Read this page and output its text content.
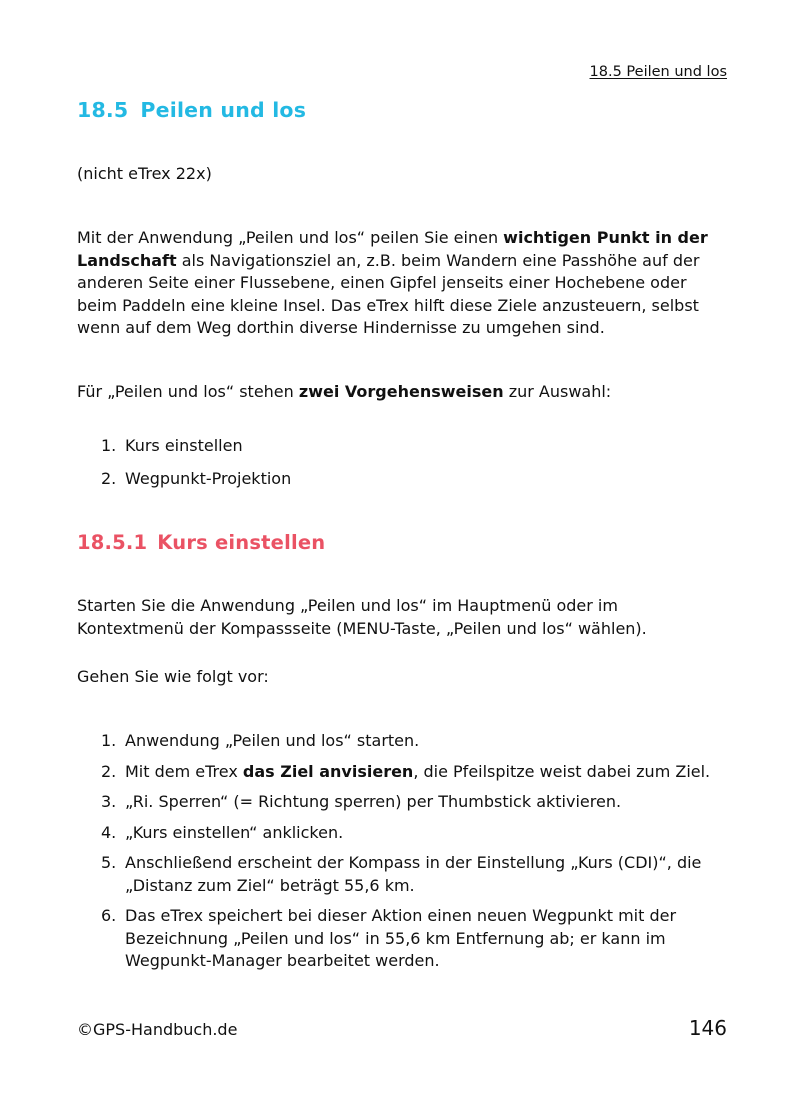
18.5 Peilen und los
18.5 Peilen und los

(nicht eTrex 22x)

Mit der Anwendung „Peilen und los“ peilen Sie einen wichtigen Punkt in der Landschaft als Navigationsziel an, z.B. beim Wandern eine Passhöhe auf der anderen Seite einer Flussebene, einen Gipfel jenseits einer Hochebene oder beim Paddeln eine kleine Insel. Das eTrex hilft diese Ziele anzusteuern, selbst wenn auf dem Weg dorthin diverse Hindernisse zu umgehen sind.

Für „Peilen und los“ stehen zwei Vorgehensweisen zur Auswahl:

1. Kurs einstellen
2. Wegpunkt-Projektion
18.5.1 Kurs einstellen

Starten Sie die Anwendung „Peilen und los“ im Hauptmenü oder im Kontextmenü der Kompassseite (MENU-Taste, „Peilen und los“ wählen).

Gehen Sie wie folgt vor:

1. Anwendung „Peilen und los“ starten.
2. Mit dem eTrex das Ziel anvisieren, die Pfeilspitze weist dabei zum Ziel.
3. „Ri. Sperren“ (= Richtung sperren) per Thumbstick aktivieren.
4. „Kurs einstellen“ anklicken.
5. Anschließend erscheint der Kompass in der Einstellung „Kurs (CDI)“, die „Distanz zum Ziel“ beträgt 55,6 km.
6. Das eTrex speichert bei dieser Aktion einen neuen Wegpunkt mit der Bezeichnung „Peilen und los“ in 55,6 km Entfernung ab; er kann im Wegpunkt-Manager bearbeitet werden.
©GPS-Handbuch.de	146
